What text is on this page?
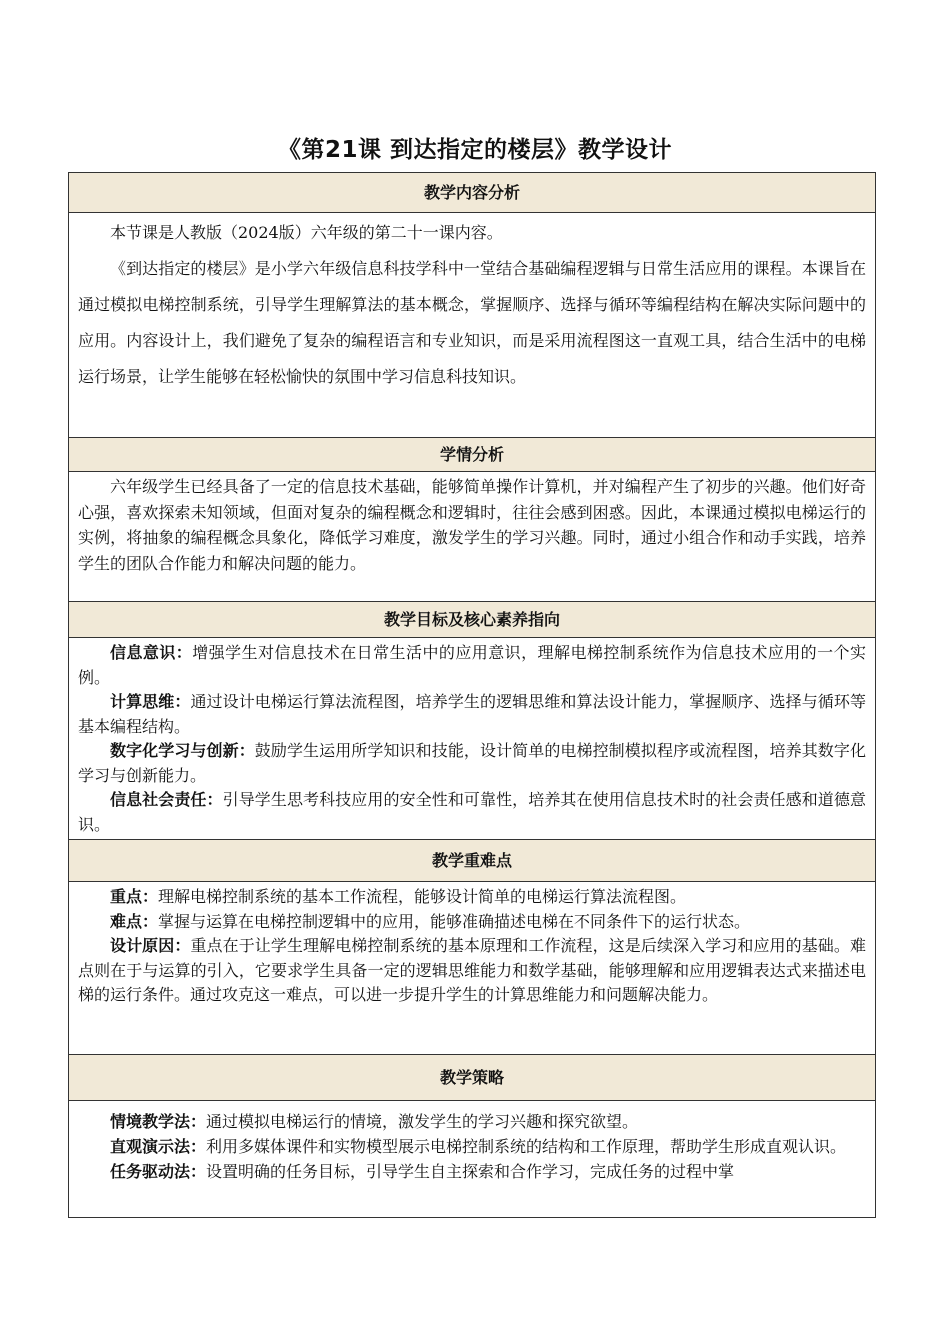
《第21课 到达指定的楼层》教学设计
教学内容分析

本节课是人教版（2024版）六年级的第二十一课内容。

《到达指定的楼层》是小学六年级信息科技学科中一堂结合基础编程逻辑与日常生活应用的课程。本课旨在通过模拟电梯控制系统，引导学生理解算法的基本概念，掌握顺序、选择与循环等编程结构在解决实际问题中的应用。内容设计上，我们避免了复杂的编程语言和专业知识，而是采用流程图这一直观工具，结合生活中的电梯运行场景，让学生能够在轻松愉快的氛围中学习信息科技知识。

学情分析

六年级学生已经具备了一定的信息技术基础，能够简单操作计算机，并对编程产生了初步的兴趣。他们好奇心强，喜欢探索未知领域，但面对复杂的编程概念和逻辑时，往往会感到困惑。因此，本课通过模拟电梯运行的实例，将抽象的编程概念具象化，降低学习难度，激发学生的学习兴趣。同时，通过小组合作和动手实践，培养学生的团队合作能力和解决问题的能力。

教学目标及核心素养指向

信息意识：增强学生对信息技术在日常生活中的应用意识，理解电梯控制系统作为信息技术应用的一个实例。

计算思维：通过设计电梯运行算法流程图，培养学生的逻辑思维和算法设计能力，掌握顺序、选择与循环等基本编程结构。

数字化学习与创新：鼓励学生运用所学知识和技能，设计简单的电梯控制模拟程序或流程图，培养其数字化学习与创新能力。

信息社会责任：引导学生思考科技应用的安全性和可靠性，培养其在使用信息技术时的社会责任感和道德意识。

教学重难点

重点：理解电梯控制系统的基本工作流程，能够设计简单的电梯运行算法流程图。

难点：掌握与运算在电梯控制逻辑中的应用，能够准确描述电梯在不同条件下的运行状态。

设计原因：重点在于让学生理解电梯控制系统的基本原理和工作流程，这是后续深入学习和应用的基础。难点则在于与运算的引入，它要求学生具备一定的逻辑思维能力和数学基础，能够理解和应用逻辑表达式来描述电梯的运行条件。通过攻克这一难点，可以进一步提升学生的计算思维能力和问题解决能力。

教学策略

情境教学法：通过模拟电梯运行的情境，激发学生的学习兴趣和探究欲望。

直观演示法：利用多媒体课件和实物模型展示电梯控制系统的结构和工作原理，帮助学生形成直观认识。

任务驱动法：设置明确的任务目标，引导学生自主探索和合作学习，完成任务的过程中掌
